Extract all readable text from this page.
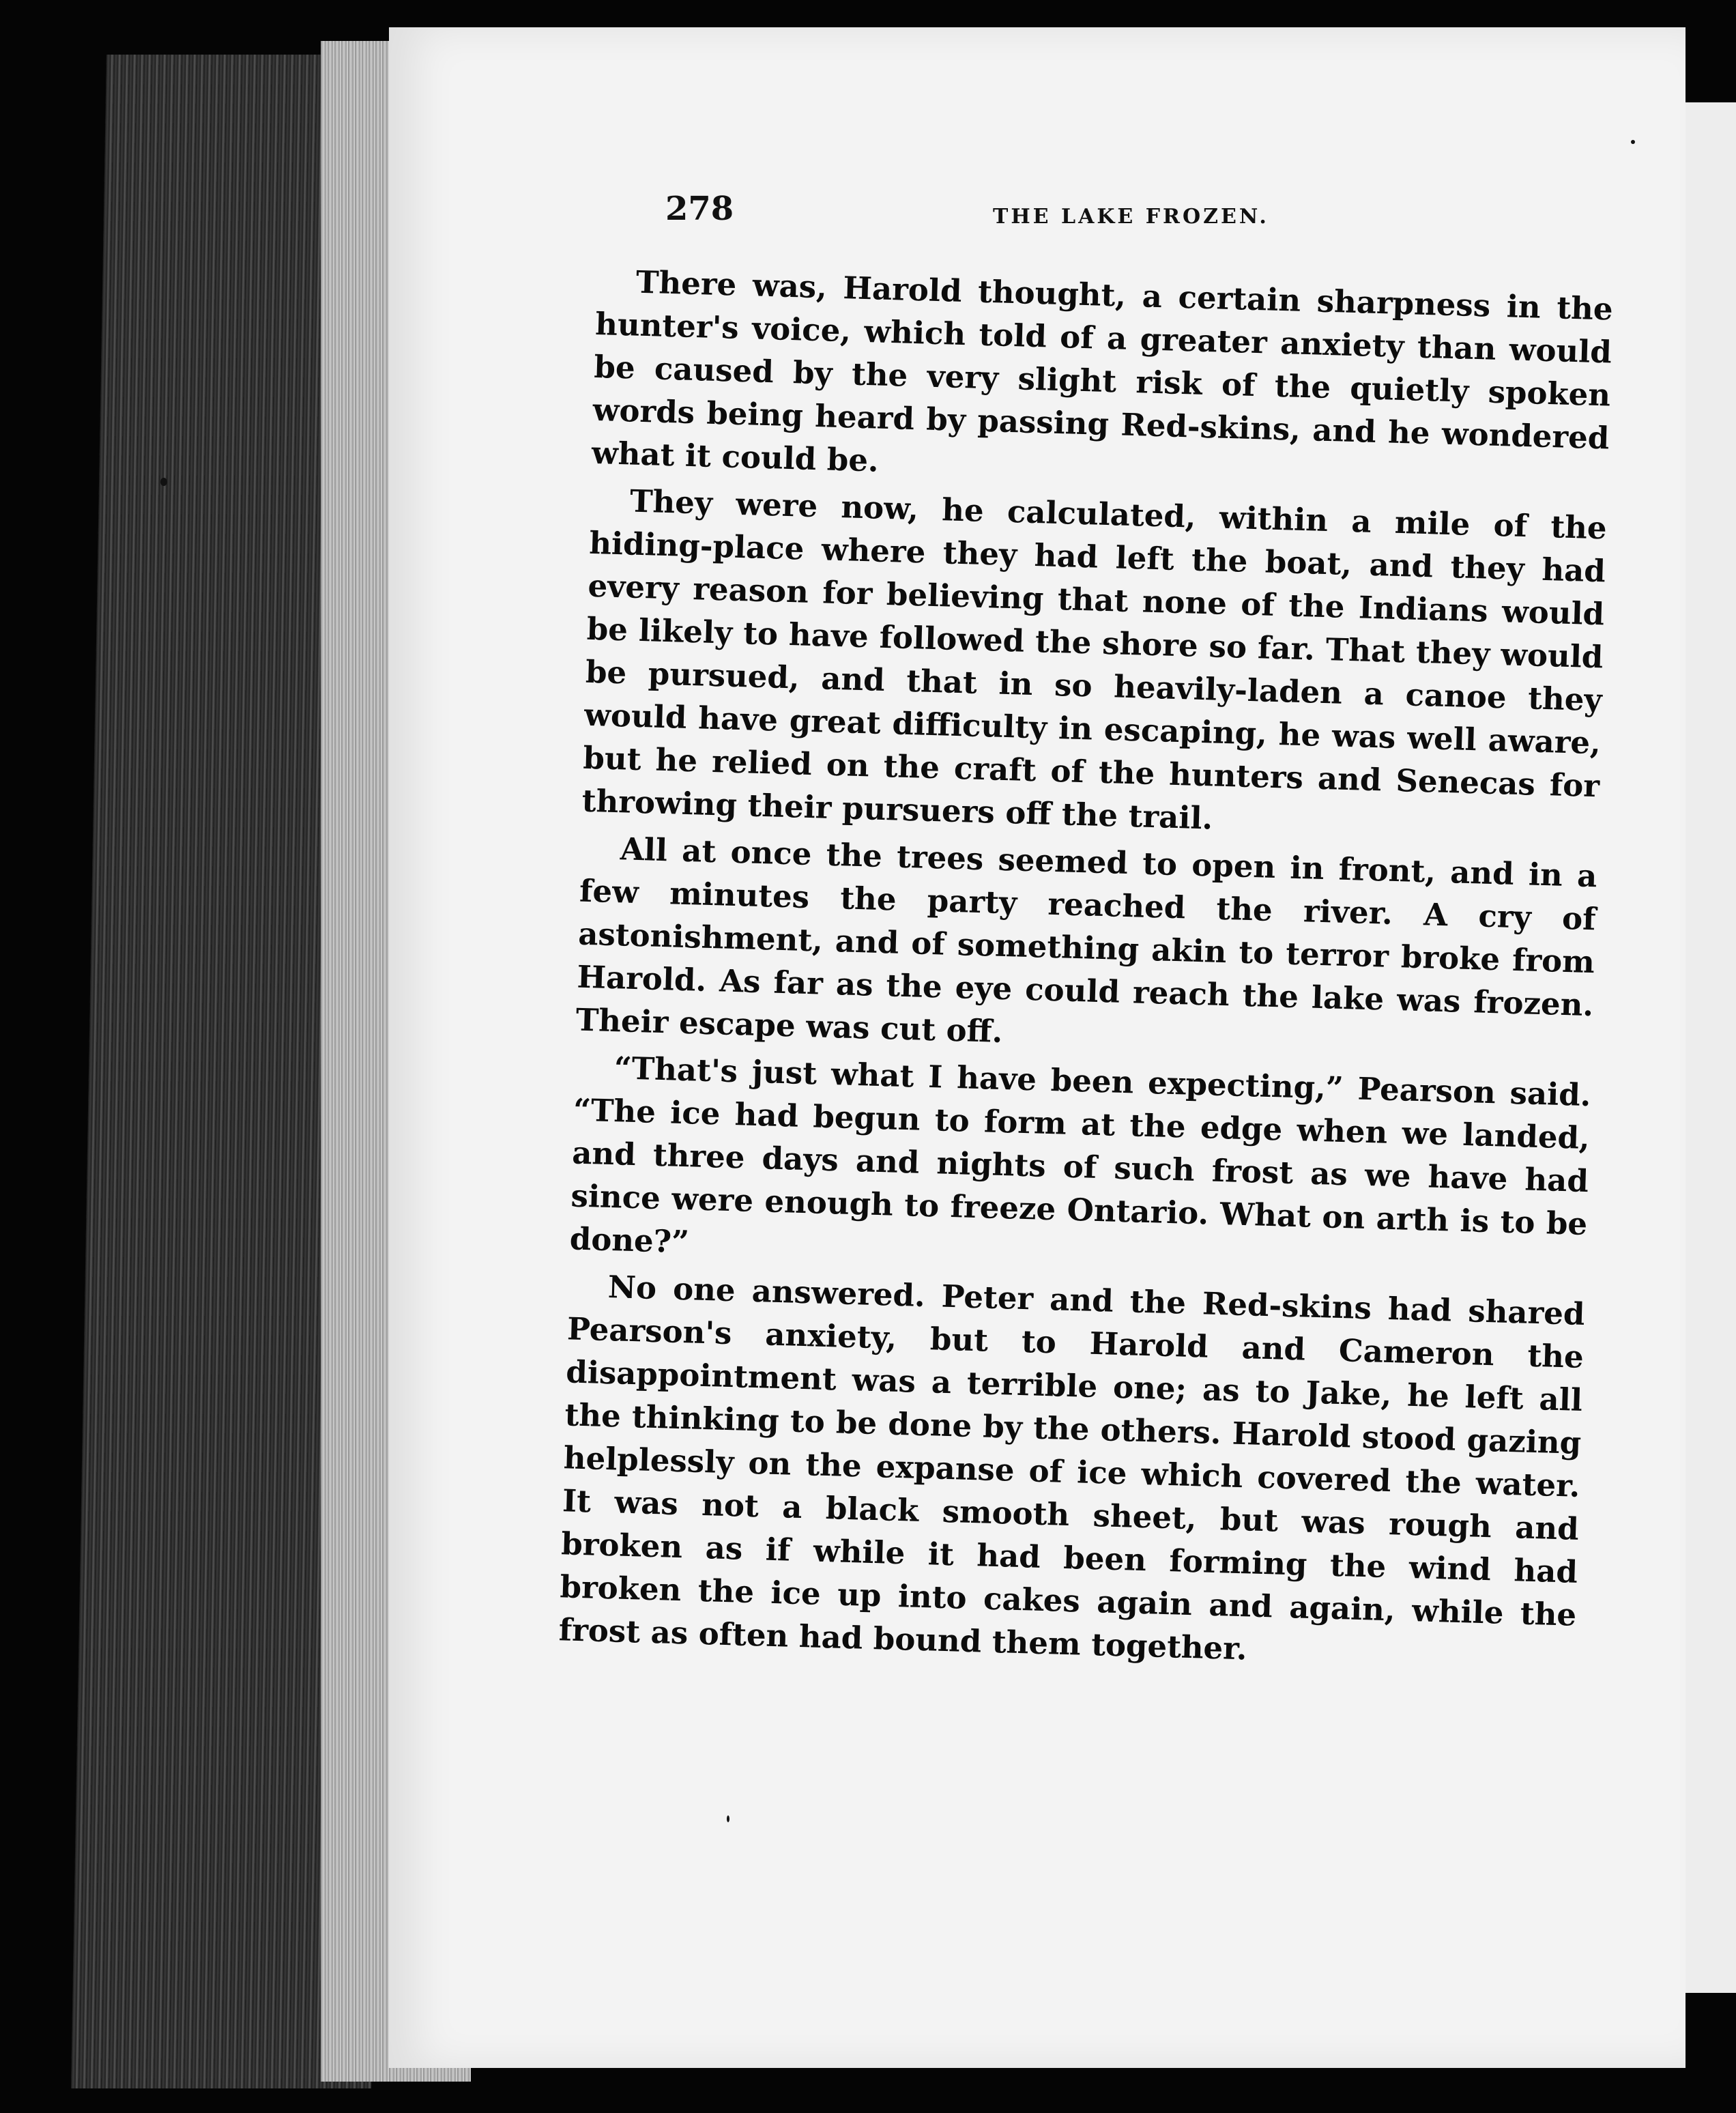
278	THE LAKE FROZEN.

There was, Harold thought, a certain sharpness in the hunter's voice, which told of a greater anxiety than would be caused by the very slight risk of the quietly spoken words being heard by passing Red-skins, and he wondered what it could be.

They were now, he calculated, within a mile of the hiding-place where they had left the boat, and they had every reason for believing that none of the Indians would be likely to have followed the shore so far. That they would be pursued, and that in so heavily-laden a canoe they would have great difficulty in escaping, he was well aware, but he relied on the craft of the hunters and Senecas for throwing their pursuers off the trail.

All at once the trees seemed to open in front, and in a few minutes the party reached the river. A cry of astonishment, and of something akin to terror broke from Harold. As far as the eye could reach the lake was frozen. Their escape was cut off.

“That's just what I have been expecting,” Pearson said. “The ice had begun to form at the edge when we landed, and three days and nights of such frost as we have had since were enough to freeze Ontario. What on arth is to be done?”

No one answered. Peter and the Red-skins had shared Pearson's anxiety, but to Harold and Cameron the disappointment was a terrible one; as to Jake, he left all the thinking to be done by the others. Harold stood gazing helplessly on the expanse of ice which covered the water. It was not a black smooth sheet, but was rough and broken as if while it had been forming the wind had broken the ice up into cakes again and again, while the frost as often had bound them together.
